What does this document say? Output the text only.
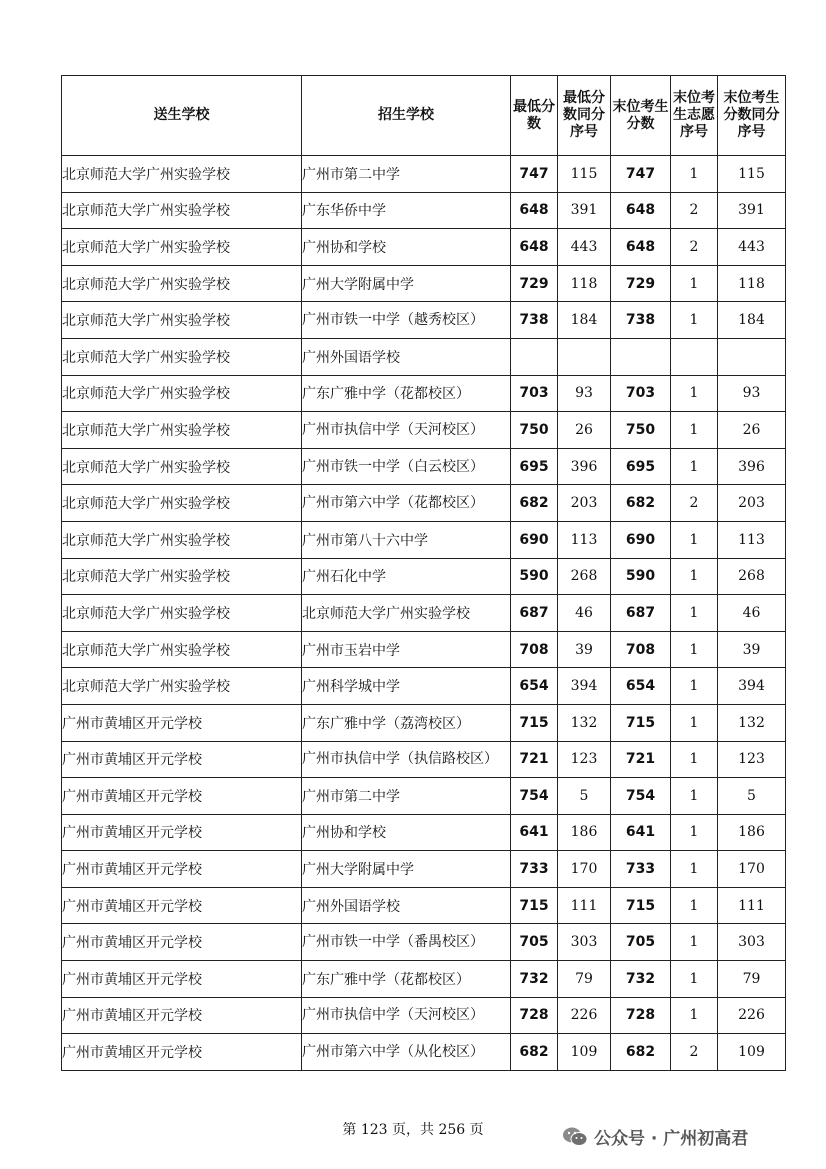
送生学校	招生学校	最低分数	最低分数同分序号	末位考生分数	末位考生志愿序号	末位考生分数同分序号
北京师范大学广州实验学校	广州市第二中学	747	115	747	1	115
北京师范大学广州实验学校	广东华侨中学	648	391	648	2	391
北京师范大学广州实验学校	广州协和学校	648	443	648	2	443
北京师范大学广州实验学校	广州大学附属中学	729	118	729	1	118
北京师范大学广州实验学校	广州市铁一中学（越秀校区）	738	184	738	1	184
北京师范大学广州实验学校	广州外国语学校					
北京师范大学广州实验学校	广东广雅中学（花都校区）	703	93	703	1	93
北京师范大学广州实验学校	广州市执信中学（天河校区）	750	26	750	1	26
北京师范大学广州实验学校	广州市铁一中学（白云校区）	695	396	695	1	396
北京师范大学广州实验学校	广州市第六中学（花都校区）	682	203	682	2	203
北京师范大学广州实验学校	广州市第八十六中学	690	113	690	1	113
北京师范大学广州实验学校	广州石化中学	590	268	590	1	268
北京师范大学广州实验学校	北京师范大学广州实验学校	687	46	687	1	46
北京师范大学广州实验学校	广州市玉岩中学	708	39	708	1	39
北京师范大学广州实验学校	广州科学城中学	654	394	654	1	394
广州市黄埔区开元学校	广东广雅中学（荔湾校区）	715	132	715	1	132
广州市黄埔区开元学校	广州市执信中学（执信路校区）	721	123	721	1	123
广州市黄埔区开元学校	广州市第二中学	754	5	754	1	5
广州市黄埔区开元学校	广州协和学校	641	186	641	1	186
广州市黄埔区开元学校	广州大学附属中学	733	170	733	1	170
广州市黄埔区开元学校	广州外国语学校	715	111	715	1	111
广州市黄埔区开元学校	广州市铁一中学（番禺校区）	705	303	705	1	303
广州市黄埔区开元学校	广东广雅中学（花都校区）	732	79	732	1	79
广州市黄埔区开元学校	广州市执信中学（天河校区）	728	226	728	1	226
广州市黄埔区开元学校	广州市第六中学（从化校区）	682	109	682	2	109
第 123 页，共 256 页	公众号 · 广州初高君
